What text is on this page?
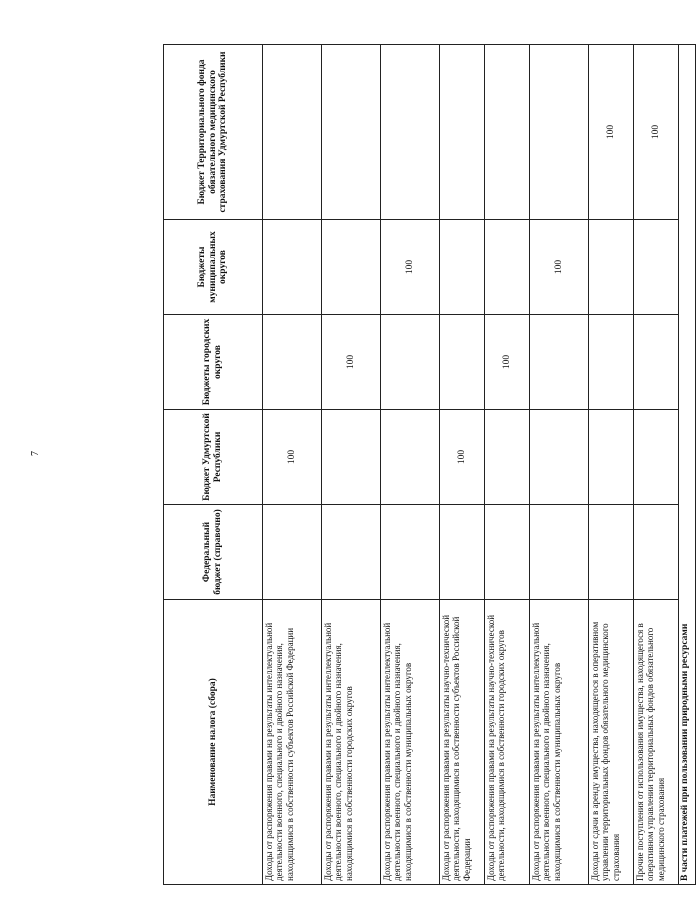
7
Наименование налога (сбора)	Федеральный бюджет (справочно)	Бюджет Удмуртской Республики	Бюджеты городских округов	Бюджеты муниципальных округов	Бюджет Территориального фонда обязательного медицинского страхования Удмуртской Республики
Доходы от распоряжения правами на результаты интеллектуальной деятельности военного, специального и двойного назначения, находящимися в собственности субъектов Российской Федерации		100			
Доходы от распоряжения правами на результаты интеллектуальной деятельности военного, специального и двойного назначения, находящимися в собственности городских округов			100		
Доходы от распоряжения правами на результаты интеллектуальной деятельности военного, специального и двойного назначения, находящимися в собственности муниципальных округов				100	
Доходы от распоряжения правами на результаты научно-технической деятельности, находящимися в собственности субъектов Российской Федерации		100			
Доходы от распоряжения правами на результаты научно-технической деятельности, находящимися в собственности городских округов			100		
Доходы от распоряжения правами на результаты интеллектуальной деятельности военного, специального и двойного назначения, находящимися в собственности муниципальных округов				100	
Доходы от сдачи в аренду имущества, находящегося в оперативном управлении территориальных фондов обязательного медицинского страхования					100
Прочие поступления от использования имущества, находящегося в оперативном управлении территориальных фондов обязательного медицинского страхования					100
В части платежей при пользовании природными ресурсами					
